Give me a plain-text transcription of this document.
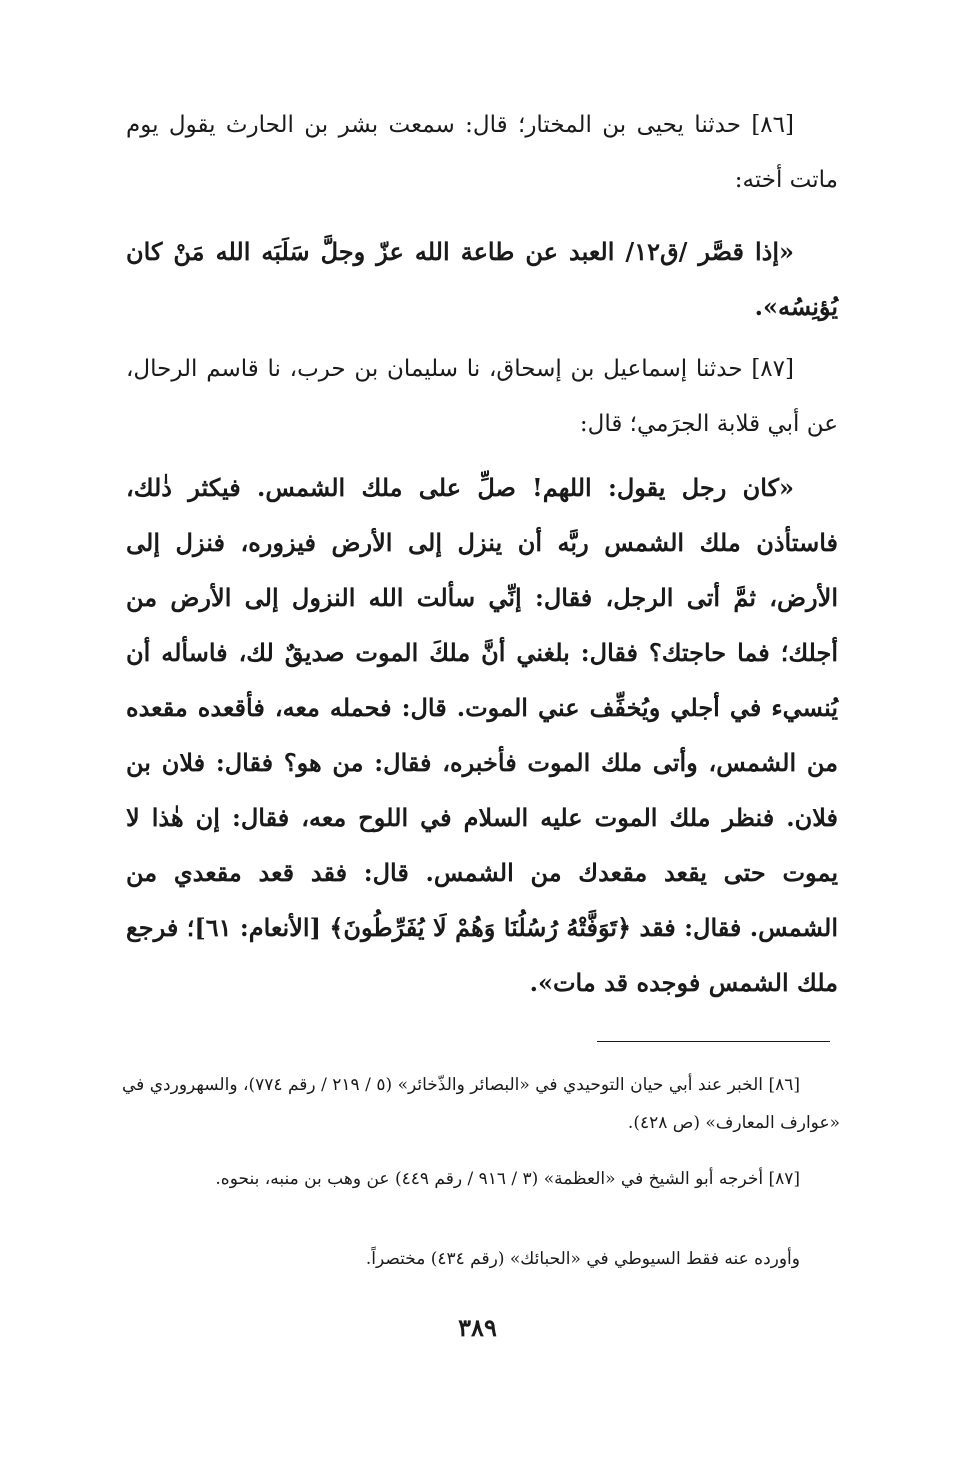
[٨٦] حدثنا يحيى بن المختار؛ قال: سمعت بشر بن الحارث يقول يوم ماتت أخته:

«إذا قصَّر /ق١٢/ العبد عن طاعة الله عزّ وجلَّ سَلَبَه الله مَنْ كان يُؤنِسُه».

[٨٧] حدثنا إسماعيل بن إسحاق، نا سليمان بن حرب، نا قاسم الرحال، عن أبي قلابة الجرَمي؛ قال:

«كان رجل يقول: اللهم! صلِّ على ملك الشمس. فيكثر ذٰلك، فاستأذن ملك الشمس ربَّه أن ينزل إلى الأرض فيزوره، فنزل إلى الأرض، ثمَّ أتى الرجل، فقال: إنِّي سألت الله النزول إلى الأرض من أجلك؛ فما حاجتك؟ فقال: بلغني أنَّ ملكَ الموت صديقٌ لك، فاسأله أن يُنسيء في أجلي ويُخفِّف عني الموت. قال: فحمله معه، فأقعده مقعده من الشمس، وأتى ملك الموت فأخبره، فقال: من هو؟ فقال: فلان بن فلان. فنظر ملك الموت عليه السلام في اللوح معه، فقال: إن هٰذا لا يموت حتى يقعد مقعدك من الشمس. قال: فقد قعد مقعدي من الشمس. فقال: فقد ﴿تَوَفَّتْهُ رُسُلُنَا وَهُمْ لَا يُفَرِّطُونَ﴾ [الأنعام: ٦١]؛ فرجع ملك الشمس فوجده قد مات».

[٨٦] الخبر عند أبي حيان التوحيدي في «البصائر والذّخائر» (٥ / ٢١٩ / رقم ٧٧٤)، والسهروردي في «عوارف المعارف» (ص ٤٢٨).

[٨٧] أخرجه أبو الشيخ في «العظمة» (٣ / ٩١٦ / رقم ٤٤٩) عن وهب بن منبه، بنحوه.

وأورده عنه فقط السيوطي في «الحبائك» (رقم ٤٣٤) مختصراً.

٣٨٩
